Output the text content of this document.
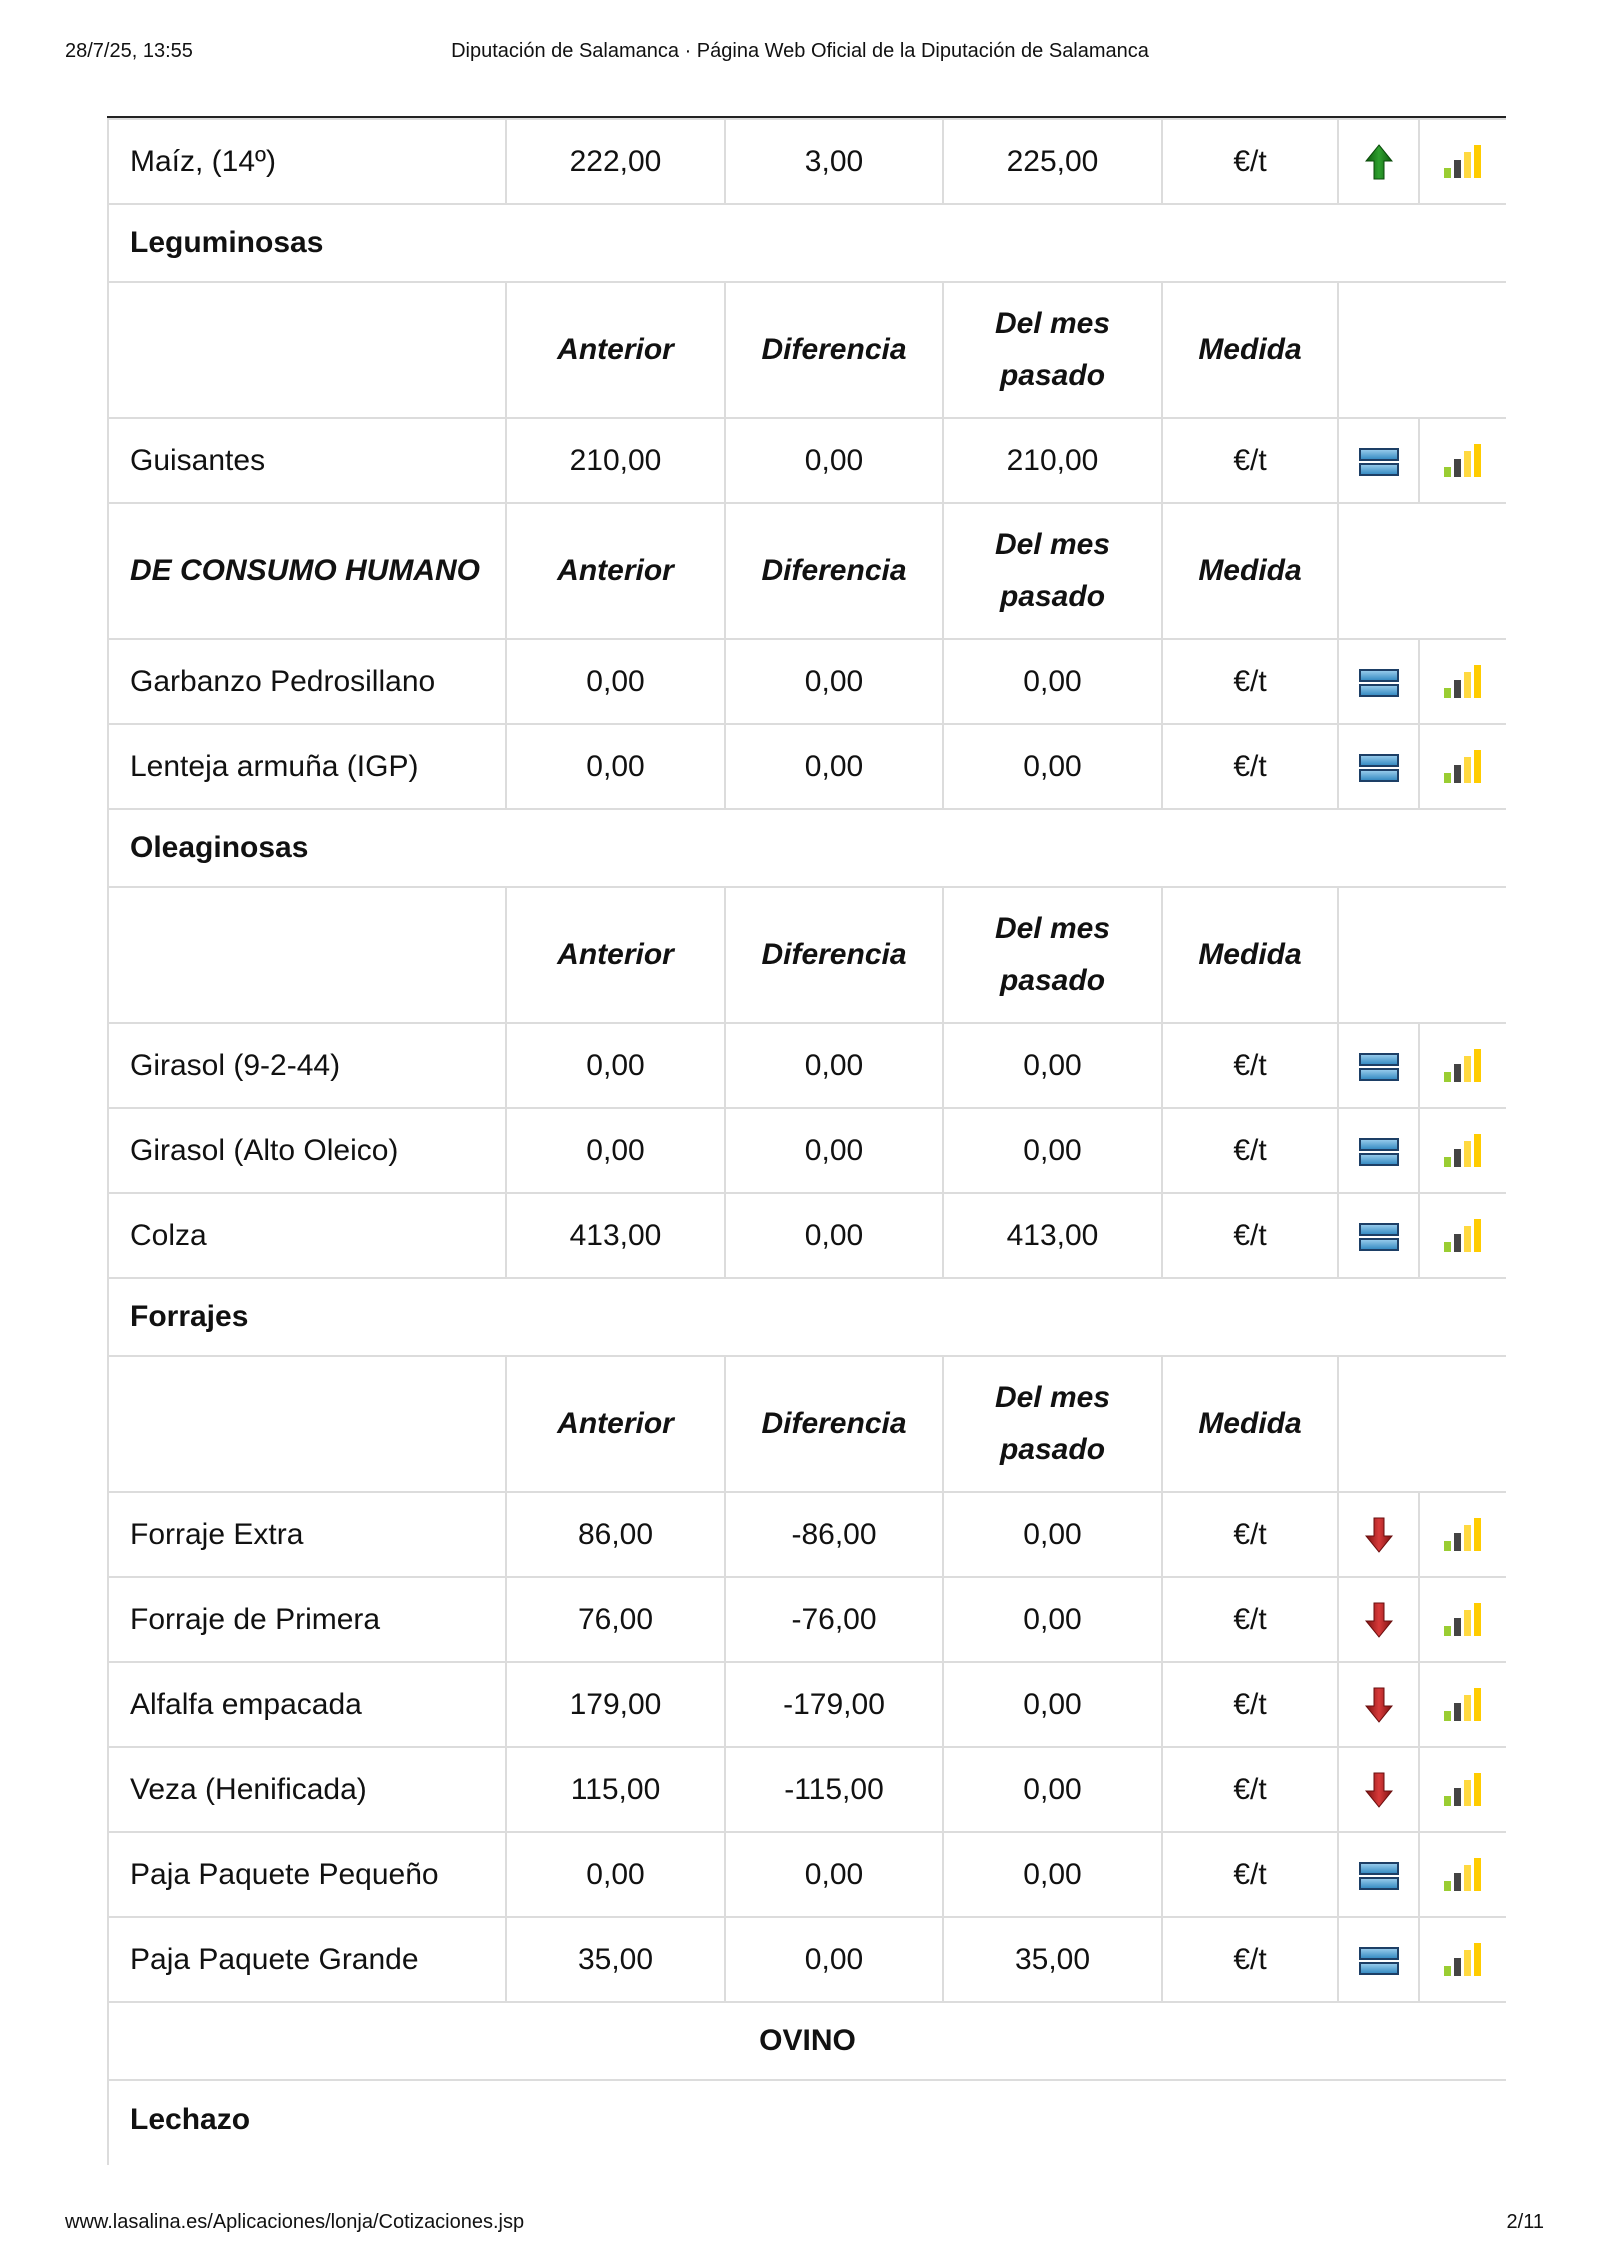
28/7/25, 13:55	Diputación de Salamanca · Página Web Oficial de la Diputación de Salamanca
Maíz, (14º)	222,00	3,00	225,00	€/t		
Leguminosas						
	Anterior	Diferencia	Del mes pasado	Medida		
Guisantes	210,00	0,00	210,00	€/t		
DE CONSUMO HUMANO	Anterior	Diferencia	Del mes pasado	Medida		
Garbanzo Pedrosillano	0,00	0,00	0,00	€/t		
Lenteja armuña (IGP)	0,00	0,00	0,00	€/t		
Oleaginosas						
	Anterior	Diferencia	Del mes pasado	Medida		
Girasol (9-2-44)	0,00	0,00	0,00	€/t		
Girasol (Alto Oleico)	0,00	0,00	0,00	€/t		
Colza	413,00	0,00	413,00	€/t		
Forrajes						
	Anterior	Diferencia	Del mes pasado	Medida		
Forraje Extra	86,00	-86,00	0,00	€/t		
Forraje de Primera	76,00	-76,00	0,00	€/t		
Alfalfa empacada	179,00	-179,00	0,00	€/t		
Veza (Henificada)	115,00	-115,00	0,00	€/t		
Paja Paquete Pequeño	0,00	0,00	0,00	€/t		
Paja Paquete Grande	35,00	0,00	35,00	€/t		
OVINO						
Lechazo						
www.lasalina.es/Aplicaciones/lonja/Cotizaciones.jsp	2/11
